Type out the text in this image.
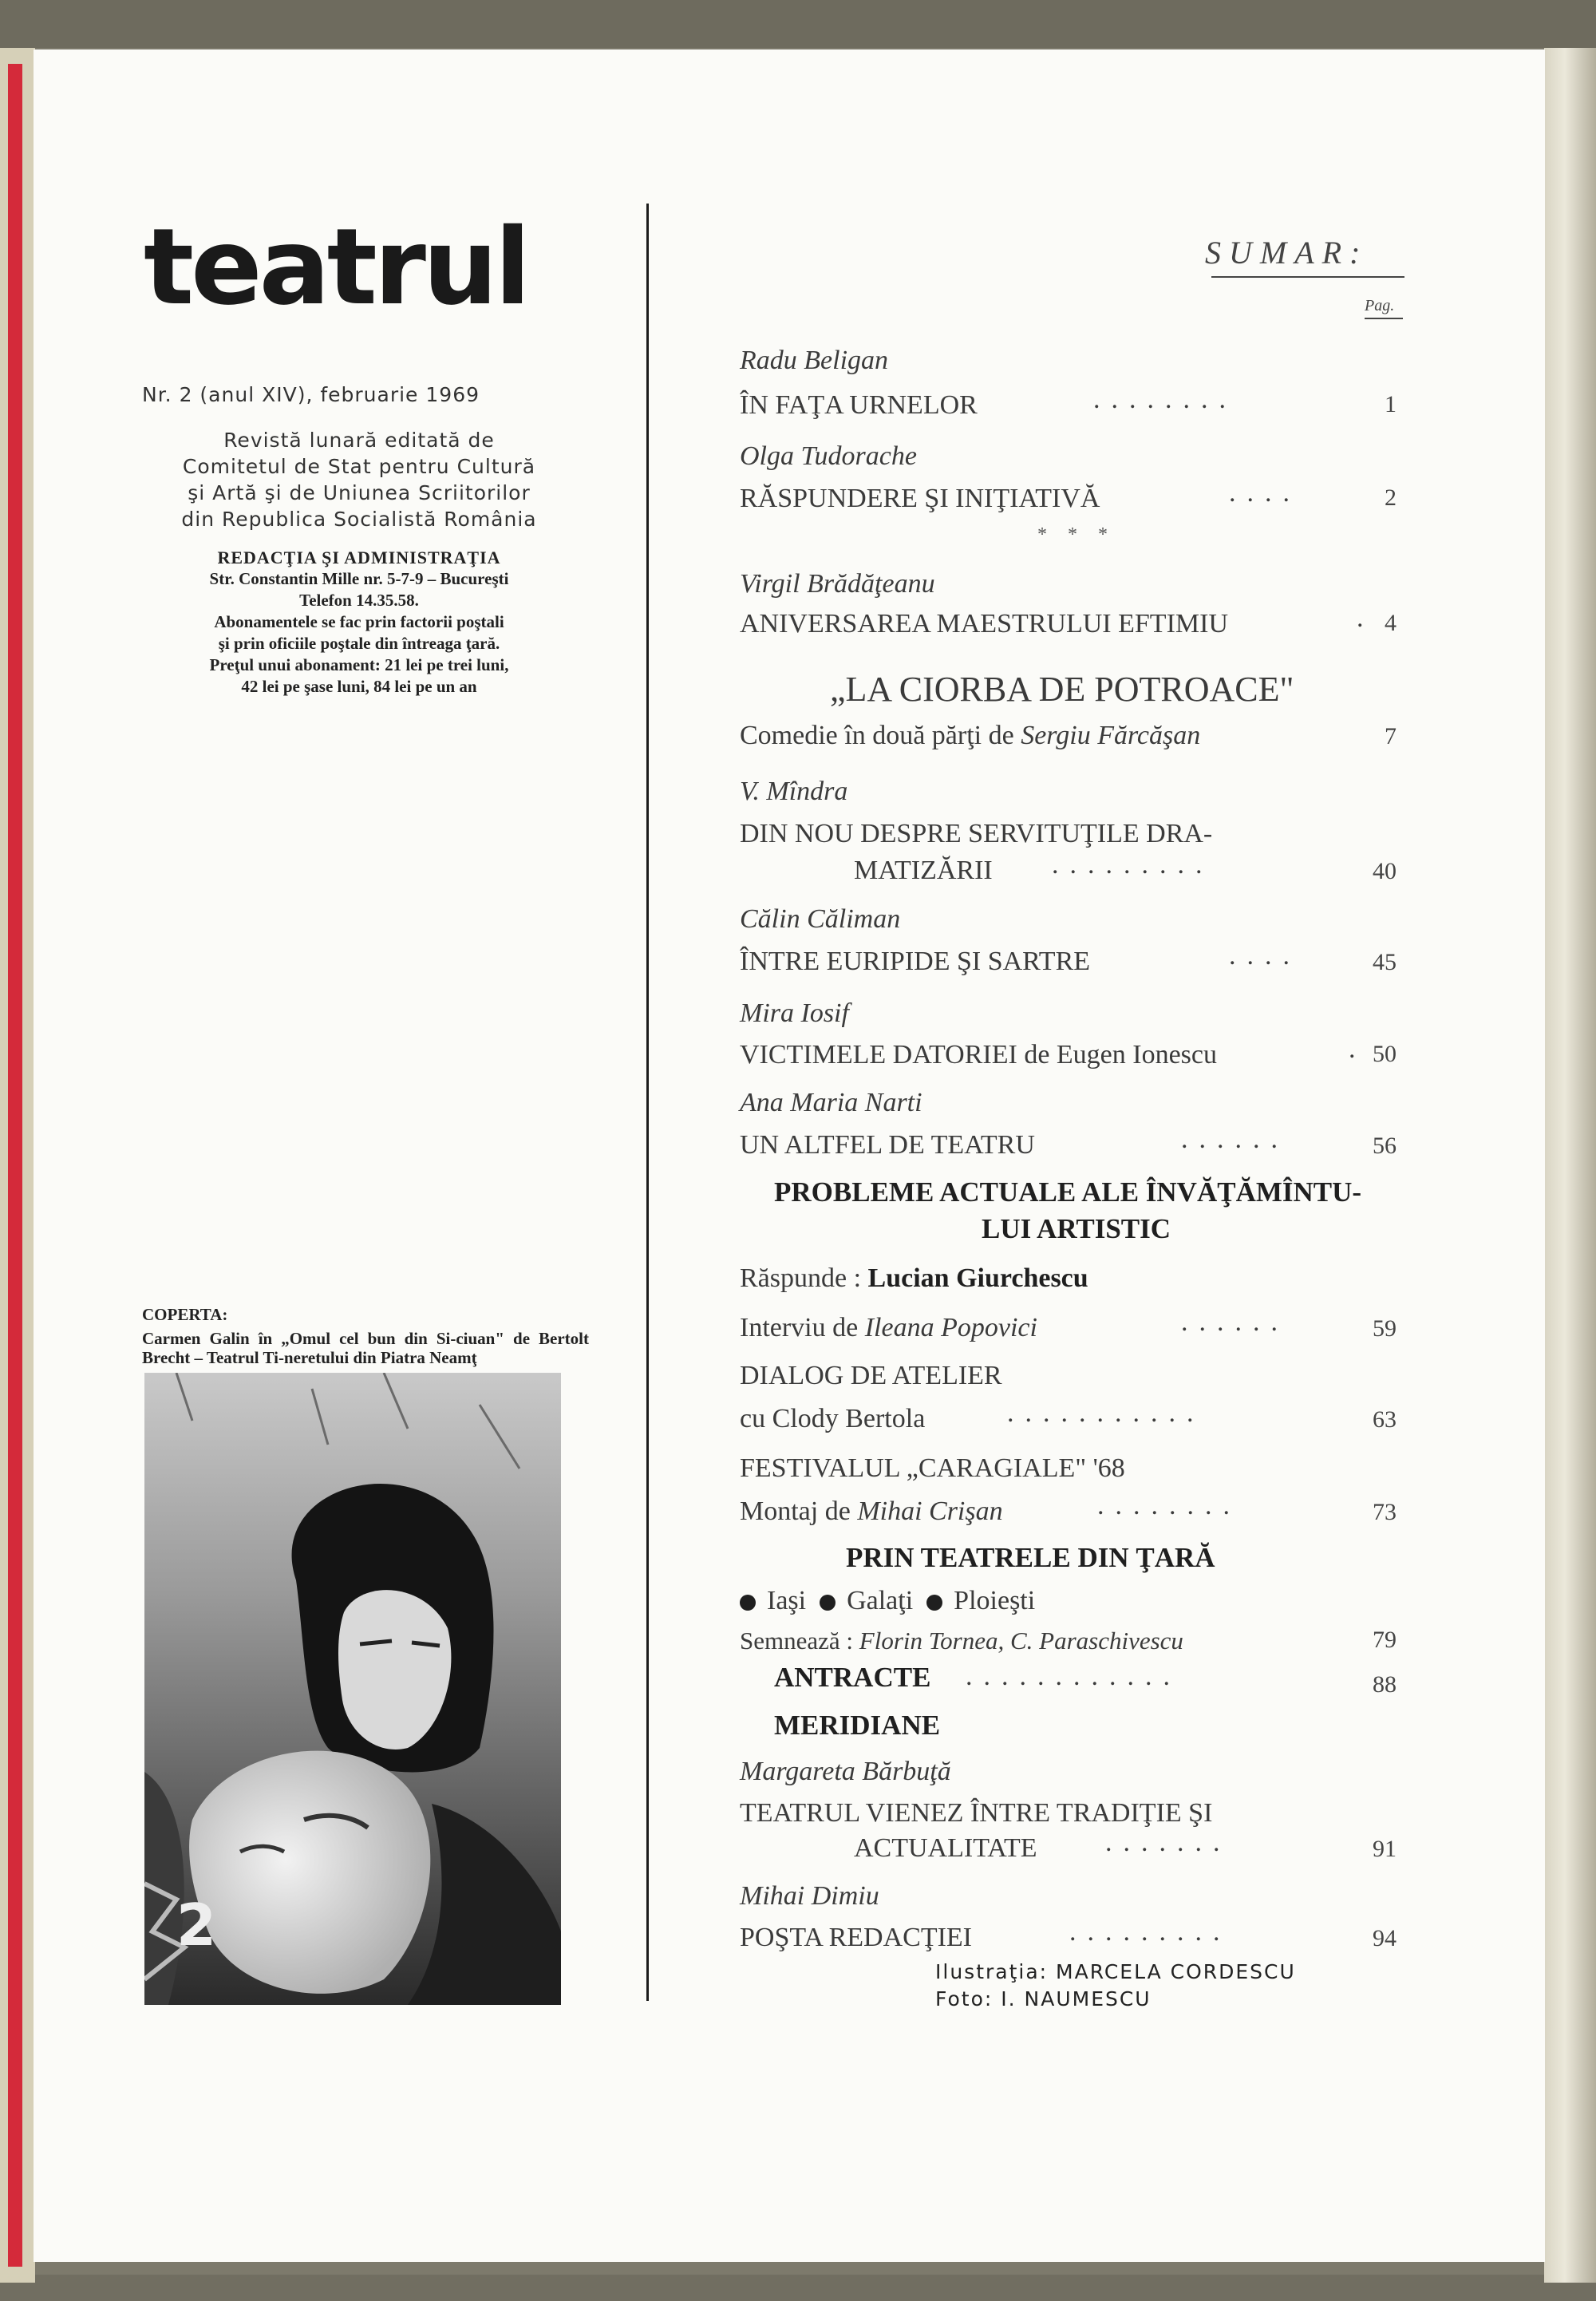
teatrul
Nr. 2 (anul XIV), februarie 1969
Revistă lunară editată de
Comitetul de Stat pentru Cultură
şi Artă şi de Uniunea Scriitorilor
din Republica Socialistă România
REDACŢIA ŞI ADMINISTRAŢIA
Str. Constantin Mille nr. 5-7-9 – Bucureşti
Telefon 14.35.58.
Abonamentele se fac prin factorii poştali
şi prin oficiile poştale din întreaga ţară.
Preţul unui abonament: 21 lei pe trei luni,
42 lei pe şase luni, 84 lei pe un an
COPERTA:
Carmen Galin în „Omul cel bun din Si-ciuan" de Bertolt Brecht – Teatrul Ti-neretului din Piatra Neamţ
2
SUMAR:
Pag.
Radu Beligan
ÎN FAŢA URNELOR	........	1
Olga Tudorache
RĂSPUNDERE ŞI INIŢIATIVĂ	....	2
* * *
Virgil Brădăţeanu
ANIVERSAREA MAESTRULUI EFTIMIU	. 4
„LA CIORBA DE POTROACE"
Comedie în două părţi de Sergiu Fărcăşan	7
V. Mîndra
DIN NOU DESPRE SERVITUŢILE DRA-
MATIZĂRII .........	40
Călin Căliman
ÎNTRE EURIPIDE ŞI SARTRE	....	45
Mira Iosif
VICTIMELE DATORIEI de Eugen Ionescu	. 50
Ana Maria Narti
UN ALTFEL DE TEATRU	......	56
PROBLEME ACTUALE ALE ÎNVĂŢĂMÎNTU-
LUI ARTISTIC
Răspunde : Lucian Giurchescu
Interviu de Ileana Popovici	......	59
DIALOG DE ATELIER
cu Clody Bertola	...........	63
FESTIVALUL „CARAGIALE" '68
Montaj de Mihai Crişan	........	73
PRIN TEATRELE DIN ŢARĂ
Iaşi Galaţi Ploieşti
Semnează : Florin Tornea, C. Paraschivescu	79
ANTRACTE ............	88
MERIDIANE
Margareta Bărbuţă
TEATRUL VIENEZ ÎNTRE TRADIŢIE ŞI
ACTUALITATE	.......	91
Mihai Dimiu
POŞTA REDACŢIEI	.........	94
Ilustraţia: MARCELA CORDESCU
Foto: I. NAUMESCU
